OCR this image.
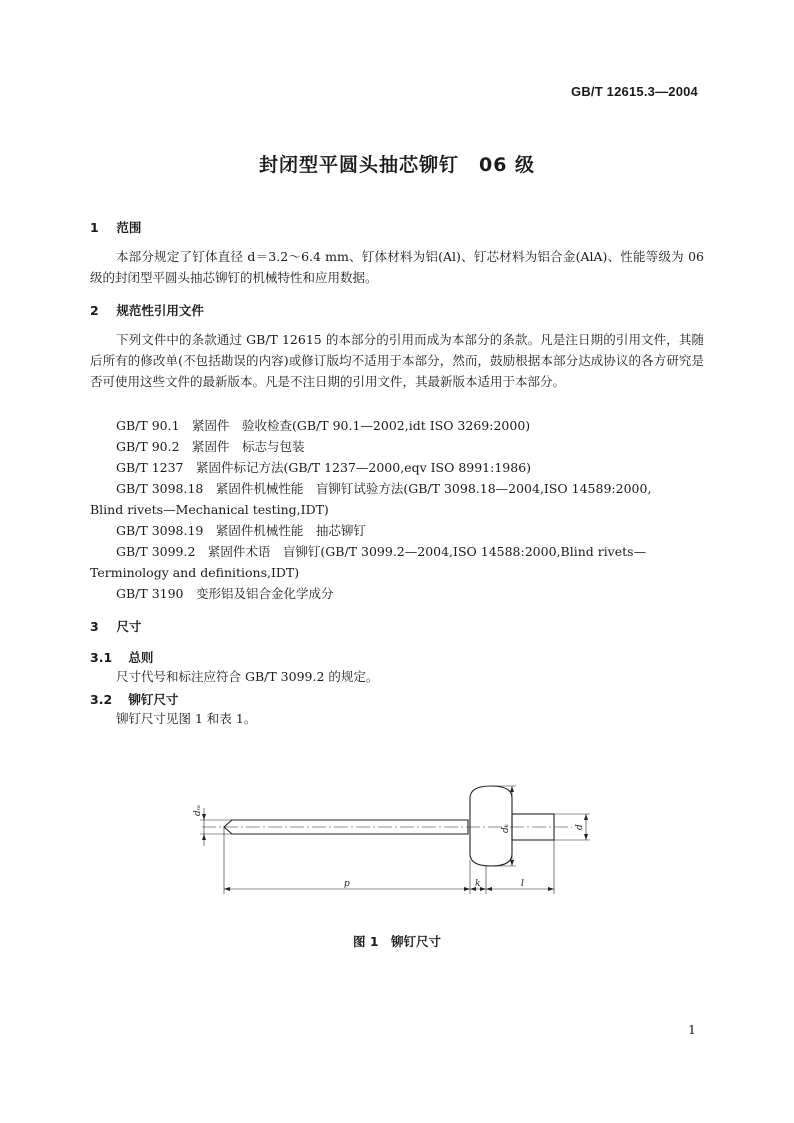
GB/T 12615.3—2004
封闭型平圆头抽芯铆钉　06 级
1 范围
本部分规定了钉体直径 d＝3.2～6.4 mm、钉体材料为铝(Al)、钉芯材料为铝合金(AlA)、性能等级为 06 级的封闭型平圆头抽芯铆钉的机械特性和应用数据。
2 规范性引用文件
下列文件中的条款通过 GB/T 12615 的本部分的引用而成为本部分的条款。凡是注日期的引用文件，其随后所有的修改单(不包括勘误的内容)或修订版均不适用于本部分，然而，鼓励根据本部分达成协议的各方研究是否可使用这些文件的最新版本。凡是不注日期的引用文件，其最新版本适用于本部分。
GB/T 90.1　紧固件　验收检查(GB/T 90.1—2002,idt ISO 3269:2000)
GB/T 90.2　紧固件　标志与包装
GB/T 1237　紧固件标记方法(GB/T 1237—2000,eqv ISO 8991:1986)
GB/T 3098.18　紧固件机械性能　盲铆钉试验方法(GB/T 3098.18—2004,ISO 14589:2000,
Blind rivets—Mechanical testing,IDT)
GB/T 3098.19　紧固件机械性能　抽芯铆钉
GB/T 3099.2　紧固件术语　盲铆钉(GB/T 3099.2—2004,ISO 14588:2000,Blind rivets—
Terminology and definitions,IDT)
GB/T 3190　变形铝及铝合金化学成分
3 尺寸
3.1 总则
尺寸代号和标注应符合 GB/T 3099.2 的规定。
3.2 铆钉尺寸
铆钉尺寸见图 1 和表 1。
dₘ
dₖ	d
p	k	l
图 1　铆钉尺寸
1
